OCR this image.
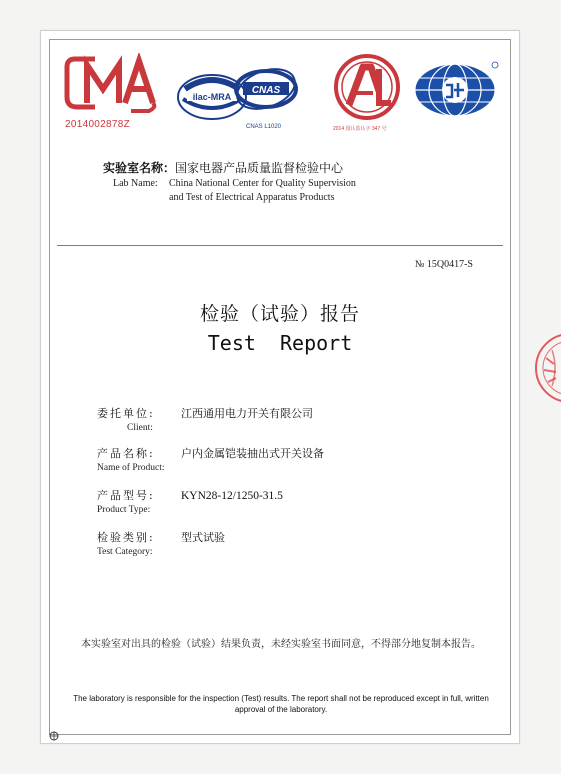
2014002878Z
ilac-MRA
CNAS
CNAS L1020	2014 国认监认字 347 号
实验室名称：国家电器产品质量监督检验中心
Lab Name: China National Center for Quality Supervision
and Test of Electrical Apparatus Products
№ 15Q0417-S
检验（试验）报告
Test  Report
委托单位: 江西通用电力开关有限公司
Client:
产品名称: 户内金属铠装抽出式开关设备
Name of Product:
产品型号: KYN28-12/1250-31.5
Product Type:
检验类别: 型式试验
Test Category:
本实验室对出具的检验（试验）结果负责，未经实验室书面同意，不得部分地复制本报告。
The laboratory is responsible for the inspection (Test) results. The report shall not be reproduced except in full, written approval of the laboratory.
